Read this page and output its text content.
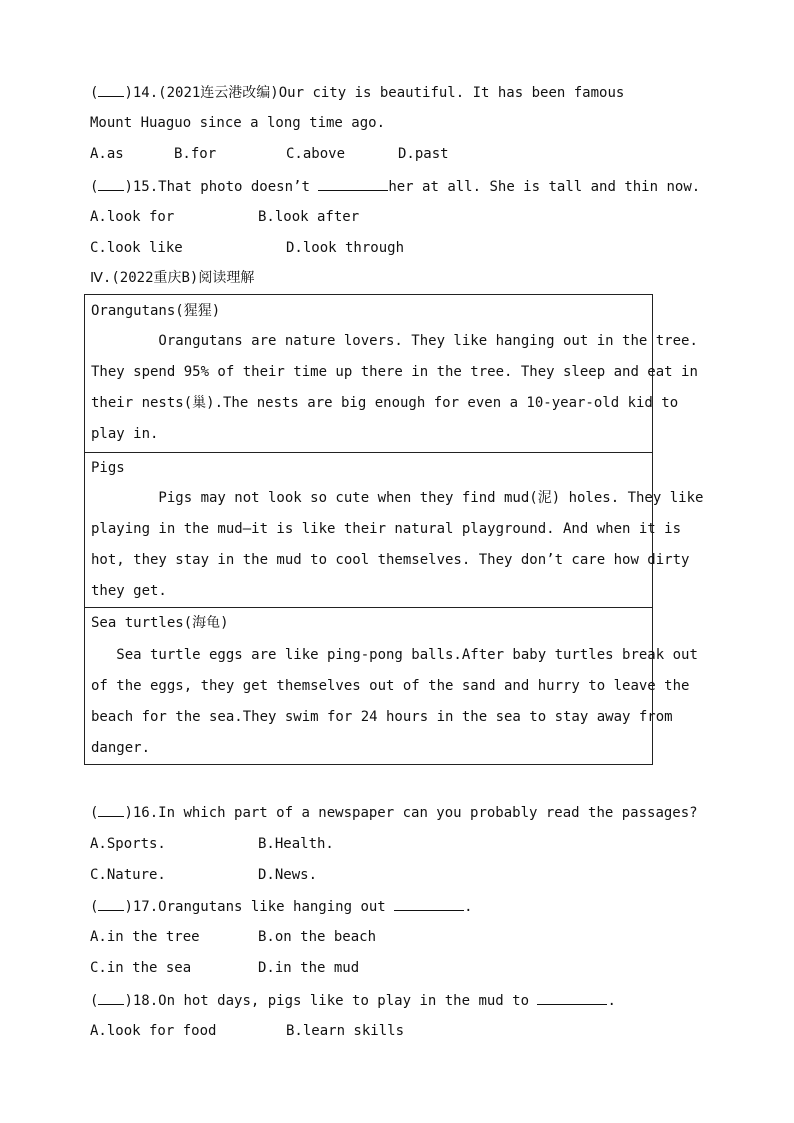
( )14.(2021连云港改编)Our city is beautiful. It has been famous
Mount Huaguo since a long time ago.
A.as	B.for	C.above	D.past
( )15.That photo doesn’t	her at all. She is tall and thin now.
A.look for	B.look after
C.look like	D.look through
Ⅳ.(2022重庆B)阅读理解
Orangutans(猩猩)
Orangutans are nature lovers. They like hanging out in the tree.
They spend 95% of their time up there in the tree. They sleep and eat in
their nests(巢).The nests are big enough for even a 10-year-old kid to
play in.
Pigs
Pigs may not look so cute when they find mud(泥) holes. They like
playing in the mud—it is like their natural playground. And when it is
hot, they stay in the mud to cool themselves. They don’t care how dirty
they get.
Sea turtles(海龟)
Sea turtle eggs are like ping-pong balls.After baby turtles break out
of the eggs, they get themselves out of the sand and hurry to leave the
beach for the sea.They swim for 24 hours in the sea to stay away from
danger.
( )16.In which part of a newspaper can you probably read the passages?
A.Sports.	B.Health.
C.Nature.	D.News.
( )17.Orangutans like hanging out	.
A.in the tree	B.on the beach
C.in the sea	D.in the mud
( )18.On hot days, pigs like to play in the mud to	.
A.look for food	B.learn skills
